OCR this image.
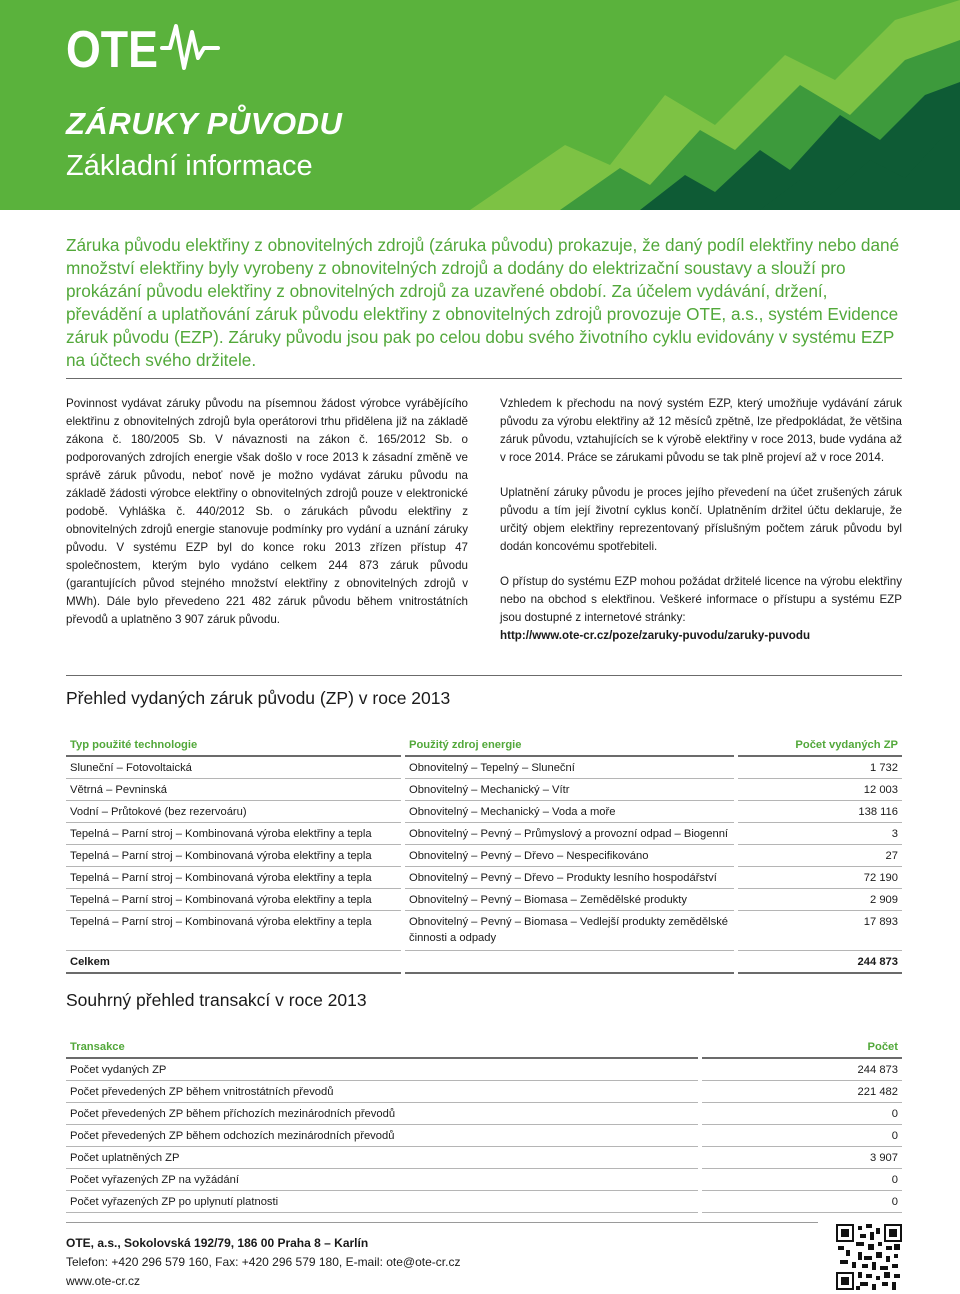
OTE
ZÁRUKY PŮVODU
Základní informace

Záruka původu elektřiny z obnovitelných zdrojů (záruka původu) prokazuje, že daný podíl elektřiny nebo dané množství elektřiny byly vyrobeny z obnovitelných zdrojů a dodány do elektrizační soustavy a slouží pro prokázání původu elektřiny z obnovitelných zdrojů za uzavřené období. Za účelem vydávání, držení, převádění a uplatňování záruk původu elektřiny z obnovitelných zdrojů provozuje OTE, a.s., systém Evidence záruk původu (EZP). Záruky původu jsou pak po celou dobu svého životního cyklu evidovány v systému EZP na účtech svého držitele.

Povinnost vydávat záruky původu na písemnou žádost výrobce vyrábějícího elektřinu z obnovitelných zdrojů byla operátorovi trhu přidělena již na základě zákona č. 180/2005 Sb. V návaznosti na zákon č. 165/2012 Sb. o podporovaných zdrojích energie však došlo v roce 2013 k zásadní změně ve správě záruk původu, neboť nově je možno vydávat záruku původu na základě žádosti výrobce elektřiny o obnovitelných zdrojů pouze v elektronické podobě. Vyhláška č. 440/2012 Sb. o zárukách původu elektřiny z obnovitelných zdrojů energie stanovuje podmínky pro vydání a uznání záruky původu. V systému EZP byl do konce roku 2013 zřízen přístup 47 společnostem, kterým bylo vydáno celkem 244 873 záruk původu (garantujících původ stejného množství elektřiny z obnovitelných zdrojů v MWh). Dále bylo převedeno 221 482 záruk původu během vnitrostátních převodů a uplatněno 3 907 záruk původu.

Vzhledem k přechodu na nový systém EZP, který umožňuje vydávání záruk původu za výrobu elektřiny až 12 měsíců zpětně, lze předpokládat, že většina záruk původu, vztahujících se k výrobě elektřiny v roce 2013, bude vydána až v roce 2014. Práce se zárukami původu se tak plně projeví až v roce 2014.

Uplatnění záruky původu je proces jejího převedení na účet zrušených záruk původu a tím její životní cyklus končí. Uplatněním držitel účtu deklaruje, že určitý objem elektřiny reprezentovaný příslušným počtem záruk původu byl dodán koncovému spotřebiteli.

O přístup do systému EZP mohou požádat držitelé licence na výrobu elektřiny nebo na obchod s elektřinou. Veškeré informace o přístupu a systému EZP jsou dostupné z internetové stránky:

http://www.ote-cr.cz/poze/zaruky-puvodu/zaruky-puvodu
Přehled vydaných záruk původu (ZP) v roce 2013
Typ použité technologie	Použitý zdroj energie	Počet vydaných ZP
Sluneční – Fotovoltaická	Obnovitelný – Tepelný – Sluneční	1 732
Větrná – Pevninská	Obnovitelný – Mechanický – Vítr	12 003
Vodní – Průtokové (bez rezervoáru)	Obnovitelný – Mechanický – Voda a moře	138 116
Tepelná – Parní stroj – Kombinovaná výroba elektřiny a tepla	Obnovitelný – Pevný – Průmyslový a provozní odpad – Biogenní	3
Tepelná – Parní stroj – Kombinovaná výroba elektřiny a tepla	Obnovitelný – Pevný – Dřevo – Nespecifikováno	27
Tepelná – Parní stroj – Kombinovaná výroba elektřiny a tepla	Obnovitelný – Pevný – Dřevo – Produkty lesního hospodářství	72 190
Tepelná – Parní stroj – Kombinovaná výroba elektřiny a tepla	Obnovitelný – Pevný – Biomasa – Zemědělské produkty	2 909
Tepelná – Parní stroj – Kombinovaná výroba elektřiny a tepla	Obnovitelný – Pevný – Biomasa – Vedlejší produkty zemědělské činnosti a odpady	17 893
Celkem		244 873
Souhrný přehled transakcí v roce 2013
Transakce	Počet
Počet vydaných ZP	244 873
Počet převedených ZP během vnitrostátních převodů	221 482
Počet převedených ZP během příchozích mezinárodních převodů	0
Počet převedených ZP během odchozích mezinárodních převodů	0
Počet uplatněných ZP	3 907
Počet vyřazených ZP na vyžádání	0
Počet vyřazených ZP po uplynutí platnosti	0
OTE, a.s., Sokolovská 192/79, 186 00 Praha 8 – Karlín
Telefon: +420 296 579 160, Fax: +420 296 579 180, E-mail: ote@ote-cr.cz
www.ote-cr.cz
